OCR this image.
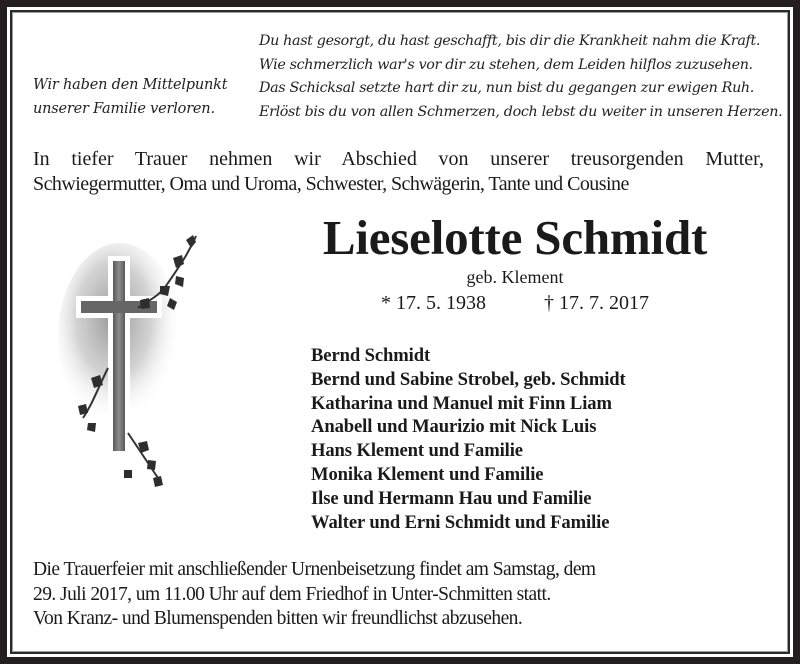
Wir haben den Mittelpunkt
unserer Familie verloren.
Du hast gesorgt, du hast geschafft, bis dir die Krankheit nahm die Kraft.
Wie schmerzlich war's vor dir zu stehen, dem Leiden hilflos zuzusehen.
Das Schicksal setzte hart dir zu, nun bist du gegangen zur ewigen Ruh.
Erlöst bis du von allen Schmerzen, doch lebst du weiter in unseren Herzen.
In tiefer Trauer nehmen wir Abschied von unserer treusorgenden Mutter,
Schwiegermutter, Oma und Uroma, Schwester, Schwägerin, Tante und Cousine
Lieselotte Schmidt
geb. Klement
* 17. 5. 1938	† 17. 7. 2017
Bernd Schmidt
Bernd und Sabine Strobel, geb. Schmidt
Katharina und Manuel mit Finn Liam
Anabell und Maurizio mit Nick Luis
Hans Klement und Familie
Monika Klement und Familie
Ilse und Hermann Hau und Familie
Walter und Erni Schmidt und Familie
Die Trauerfeier mit anschließender Urnenbeisetzung findet am Samstag, dem
29. Juli 2017, um 11.00 Uhr auf dem Friedhof in Unter-Schmitten statt.
Von Kranz- und Blumenspenden bitten wir freundlichst abzusehen.
